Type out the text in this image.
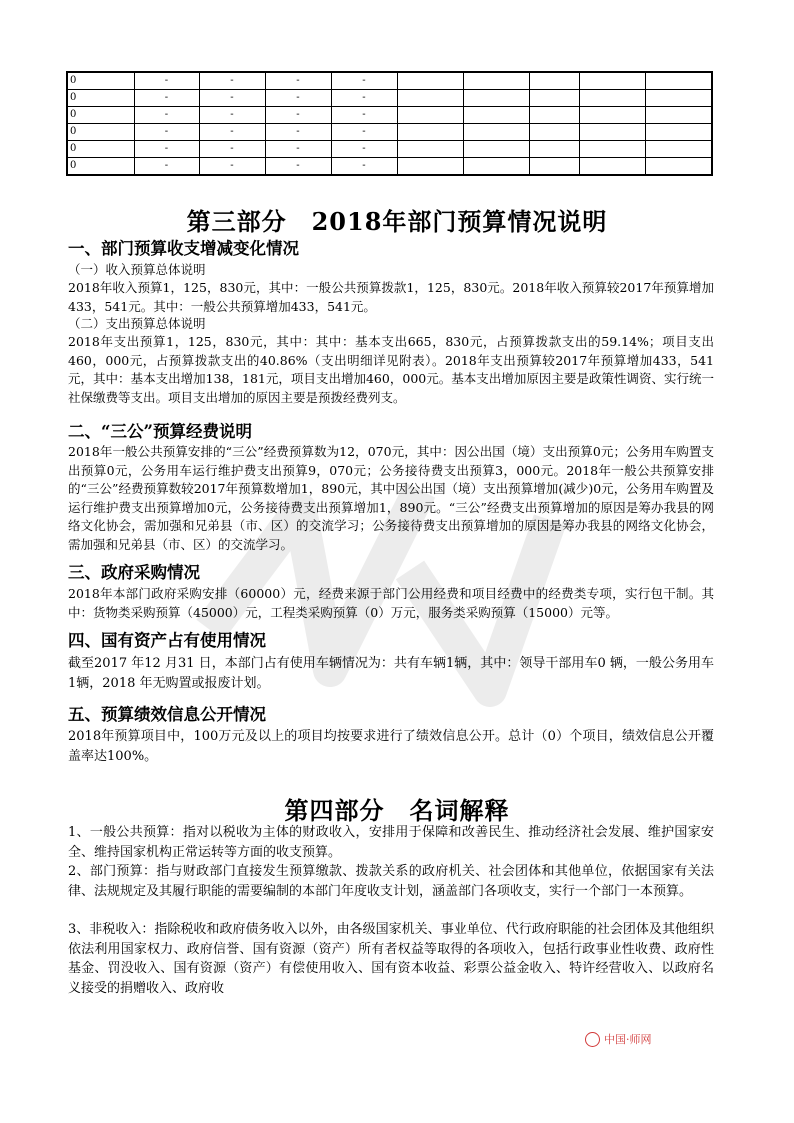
0	-	-	-	-					
0	-	-	-	-					
0	-	-	-	-					
0	-	-	-	-					
0	-	-	-	-					
0	-	-	-	-					
第三部分　2018年部门预算情况说明
一、部门预算收支增减变化情况
（一）收入预算总体说明
2018年收入预算1，125，830元，其中：一般公共预算拨款1，125，830元。2018年收入预算较2017年预算增加433，541元。其中：一般公共预算增加433，541元。
（二）支出预算总体说明
2018年支出预算1，125，830元，其中：其中：基本支出665，830元，占预算拨款支出的59.14%；项目支出460，000元，占预算拨款支出的40.86%（支出明细详见附表）。2018年支出预算较2017年预算增加433，541元，其中：基本支出增加138，181元，项目支出增加460，000元。基本支出增加原因主要是政策性调资、实行统一社保缴费等支出。项目支出增加的原因主要是预拨经费列支。
二、“三公”预算经费说明
2018年一般公共预算安排的“三公”经费预算数为12，070元，其中：因公出国（境）支出预算0元；公务用车购置支出预算0元，公务用车运行维护费支出预算9，070元；公务接待费支出预算3，000元。2018年一般公共预算安排的“三公”经费预算数较2017年预算数增加1，890元，其中因公出国（境）支出预算增加(减少)0元，公务用车购置及运行维护费支出预算增加0元，公务接待费支出预算增加1，890元。“三公”经费支出预算增加的原因是筹办我县的网络文化协会，需加强和兄弟县（市、区）的交流学习；公务接待费支出预算增加的原因是筹办我县的网络文化协会，需加强和兄弟县（市、区）的交流学习。
三、政府采购情况
2018年本部门政府采购安排（60000）元，经费来源于部门公用经费和项目经费中的经费类专项，实行包干制。其中：货物类采购预算（45000）元，工程类采购预算（0）万元，服务类采购预算（15000）元等。
四、国有资产占有使用情况
截至2017 年12 月31 日，本部门占有使用车辆情况为：共有车辆1辆，其中：领导干部用车0 辆，一般公务用车1辆，2018 年无购置或报废计划。
五、预算绩效信息公开情况
2018年预算项目中，100万元及以上的项目均按要求进行了绩效信息公开。总计（0）个项目，绩效信息公开覆盖率达100%。
第四部分　名词解释
1、一般公共预算：指对以税收为主体的财政收入，安排用于保障和改善民生、推动经济社会发展、维护国家安全、维持国家机构正常运转等方面的收支预算。
2、部门预算：指与财政部门直接发生预算缴款、拨款关系的政府机关、社会团体和其他单位，依据国家有关法律、法规规定及其履行职能的需要编制的本部门年度收支计划，涵盖部门各项收支，实行一个部门一本预算。
3、非税收入：指除税收和政府债务收入以外，由各级国家机关、事业单位、代行政府职能的社会团体及其他组织依法利用国家权力、政府信誉、国有资源（资产）所有者权益等取得的各项收入，包括行政事业性收费、政府性基金、罚没收入、国有资源（资产）有偿使用收入、国有资本收益、彩票公益金收入、特许经营收入、以政府名义接受的捐赠收入、政府收
中国·师网
